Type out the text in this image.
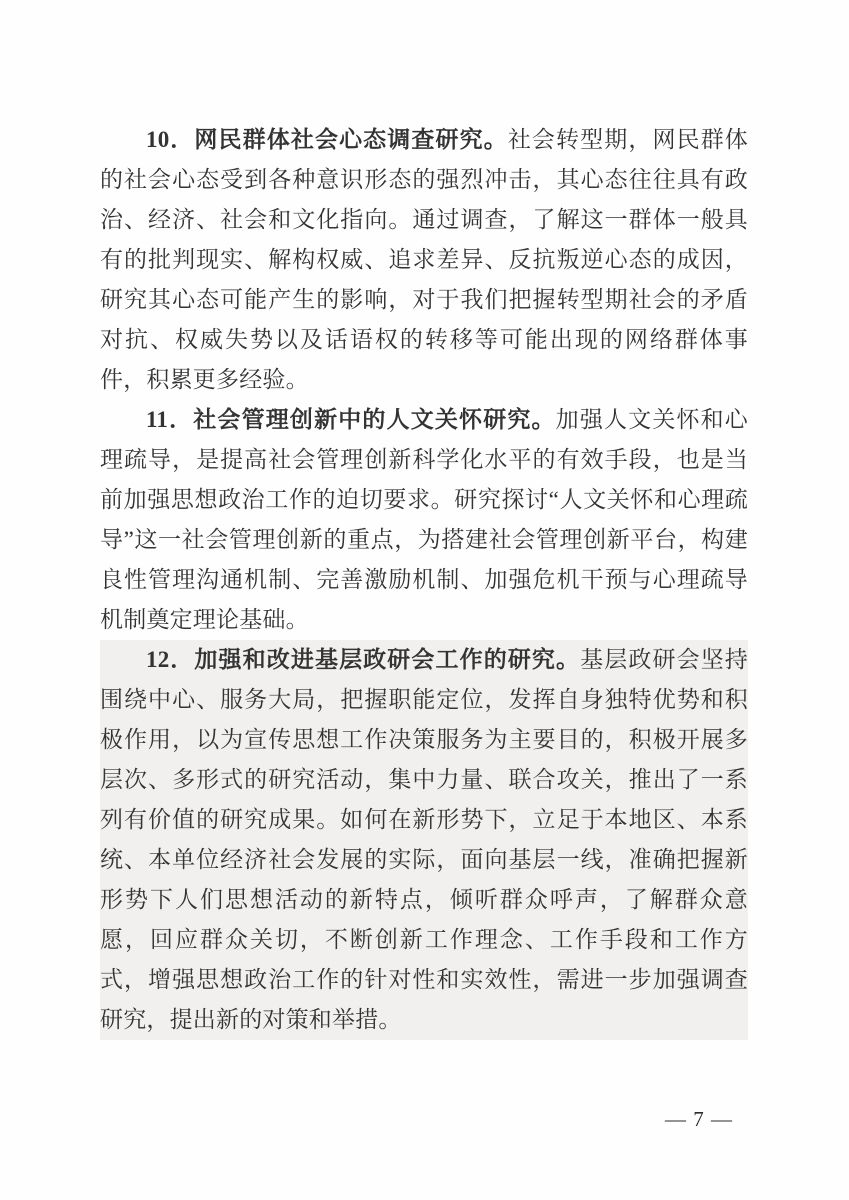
10．网民群体社会心态调查研究。社会转型期，网民群体的社会心态受到各种意识形态的强烈冲击，其心态往往具有政治、经济、社会和文化指向。通过调查，了解这一群体一般具有的批判现实、解构权威、追求差异、反抗叛逆心态的成因，研究其心态可能产生的影响，对于我们把握转型期社会的矛盾对抗、权威失势以及话语权的转移等可能出现的网络群体事件，积累更多经验。

11．社会管理创新中的人文关怀研究。加强人文关怀和心理疏导，是提高社会管理创新科学化水平的有效手段，也是当前加强思想政治工作的迫切要求。研究探讨“人文关怀和心理疏导”这一社会管理创新的重点，为搭建社会管理创新平台，构建良性管理沟通机制、完善激励机制、加强危机干预与心理疏导机制奠定理论基础。

12．加强和改进基层政研会工作的研究。基层政研会坚持围绕中心、服务大局，把握职能定位，发挥自身独特优势和积极作用，以为宣传思想工作决策服务为主要目的，积极开展多层次、多形式的研究活动，集中力量、联合攻关，推出了一系列有价值的研究成果。如何在新形势下，立足于本地区、本系统、本单位经济社会发展的实际，面向基层一线，准确把握新形势下人们思想活动的新特点，倾听群众呼声，了解群众意愿，回应群众关切，不断创新工作理念、工作手段和工作方式，增强思想政治工作的针对性和实效性，需进一步加强调查研究，提出新的对策和举措。

— 7 —
